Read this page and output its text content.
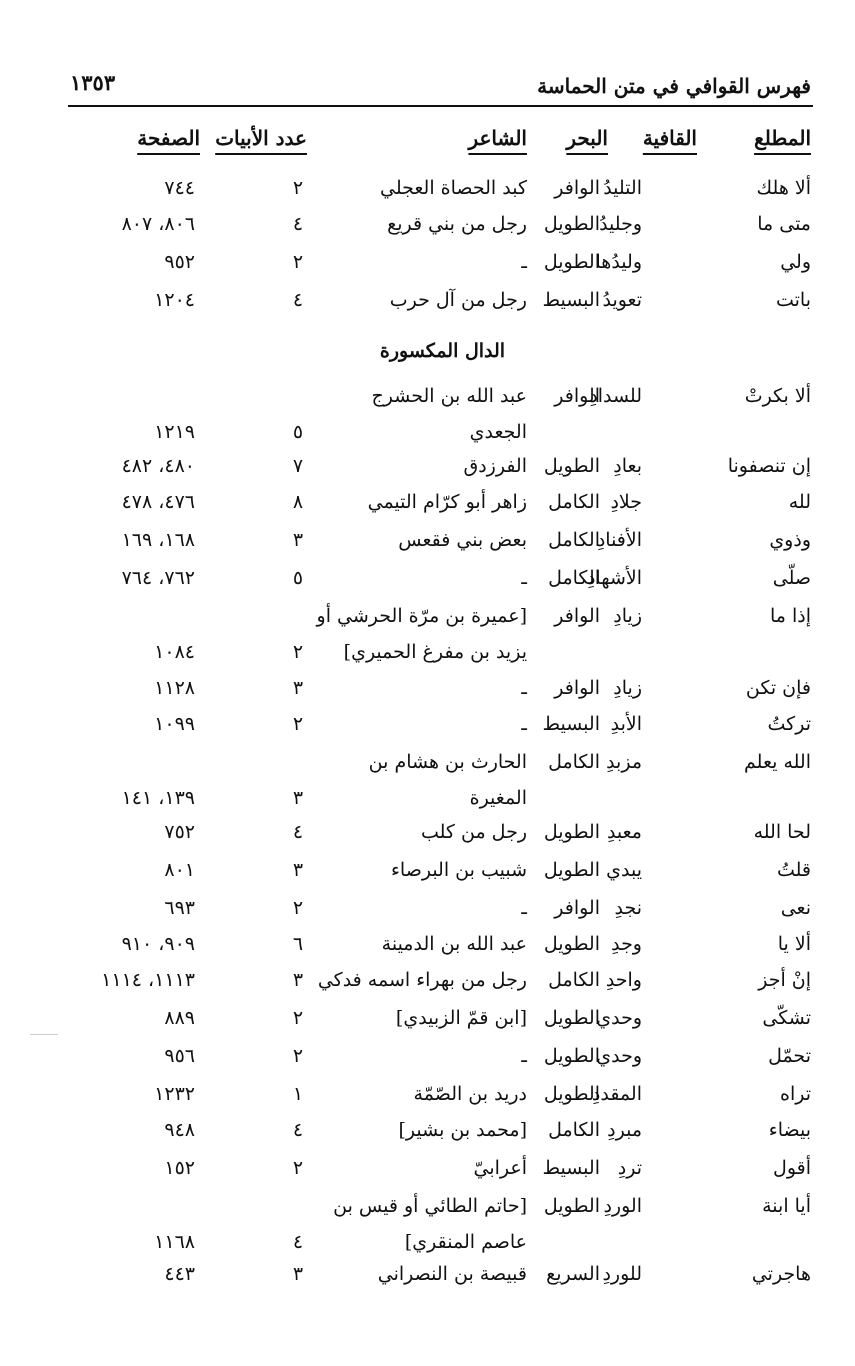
فهرس القوافي في متن الحماسة
١٣٥٣
المطلع
القافية
البحر
الشاعر
عدد الأبيات
الصفحة
الدال المكسورة
ألا هلك
التليدُ
الوافر
كبد الحصاة العجلي
٢
٧٤٤
متى ما
وجليدُ
الطويل
رجل من بني قريع
٤
٨٠٦، ٨٠٧
ولي
وليدُها
الطويل
ـ
٢
٩٥٢
باتت
تعويدُ
البسيط
رجل من آل حرب
٤
١٢٠٤
ألا بكرتْ
للسدادِ
الوافر
عبد الله بن الحشرج
الجعدي
٥
١٢١٩
إن تنصفونا
بعادِ
الطويل
الفرزدق
٧
٤٨٠، ٤٨٢
لله
جلادِ
الكامل
زاهر أبو كرّام التيمي
٨
٤٧٦، ٤٧٨
وذوي
الأفنادِ
الكامل
بعض بني فقعس
٣
١٦٨، ١٦٩
صلّى
الأشهادِ
الكامل
ـ
٥
٧٦٢، ٧٦٤
إذا ما
زيادِ
الوافر
[عميرة بن مرّة الحرشي أو
يزيد بن مفرغ الحميري]
٢
١٠٨٤
فإن تكن
زيادِ
الوافر
ـ
٣
١١٢٨
تركتُ
الأبدِ
البسيط
ـ
٢
١٠٩٩
الله يعلم
مزبدِ
الكامل
الحارث بن هشام بن
المغيرة
٣
١٣٩، ١٤١
لحا الله
معبدِ
الطويل
رجل من كلب
٤
٧٥٢
قلتُ
يبدي
الطويل
شبيب بن البرصاء
٣
٨٠١
نعى
نجدِ
الوافر
ـ
٢
٦٩٣
ألا يا
وجدِ
الطويل
عبد الله بن الدمينة
٦
٩٠٩، ٩١٠
إنْ أجز
واحدِ
الكامل
رجل من بهراء اسمه فدكي
٣
١١١٣، ١١١٤
تشكّى
وحدي
الطويل
[ابن قمّ الزبيدي]
٢
٨٨٩
تحمّل
وحدي
الطويل
ـ
٢
٩٥٦
تراه
المقددِ
الطويل
دريد بن الصّمّة
١
١٢٣٢
بيضاء
مبردِ
الكامل
[محمد بن بشير]
٤
٩٤٨
أقول
تردِ
البسيط
أعرابيّ
٢
١٥٢
أيا ابنة
الوردِ
الطويل
[حاتم الطائي أو قيس بن
عاصم المنقري]
٤
١١٦٨
هاجرتي
للوردِ
السريع
قبيصة بن النصراني
٣
٤٤٣
